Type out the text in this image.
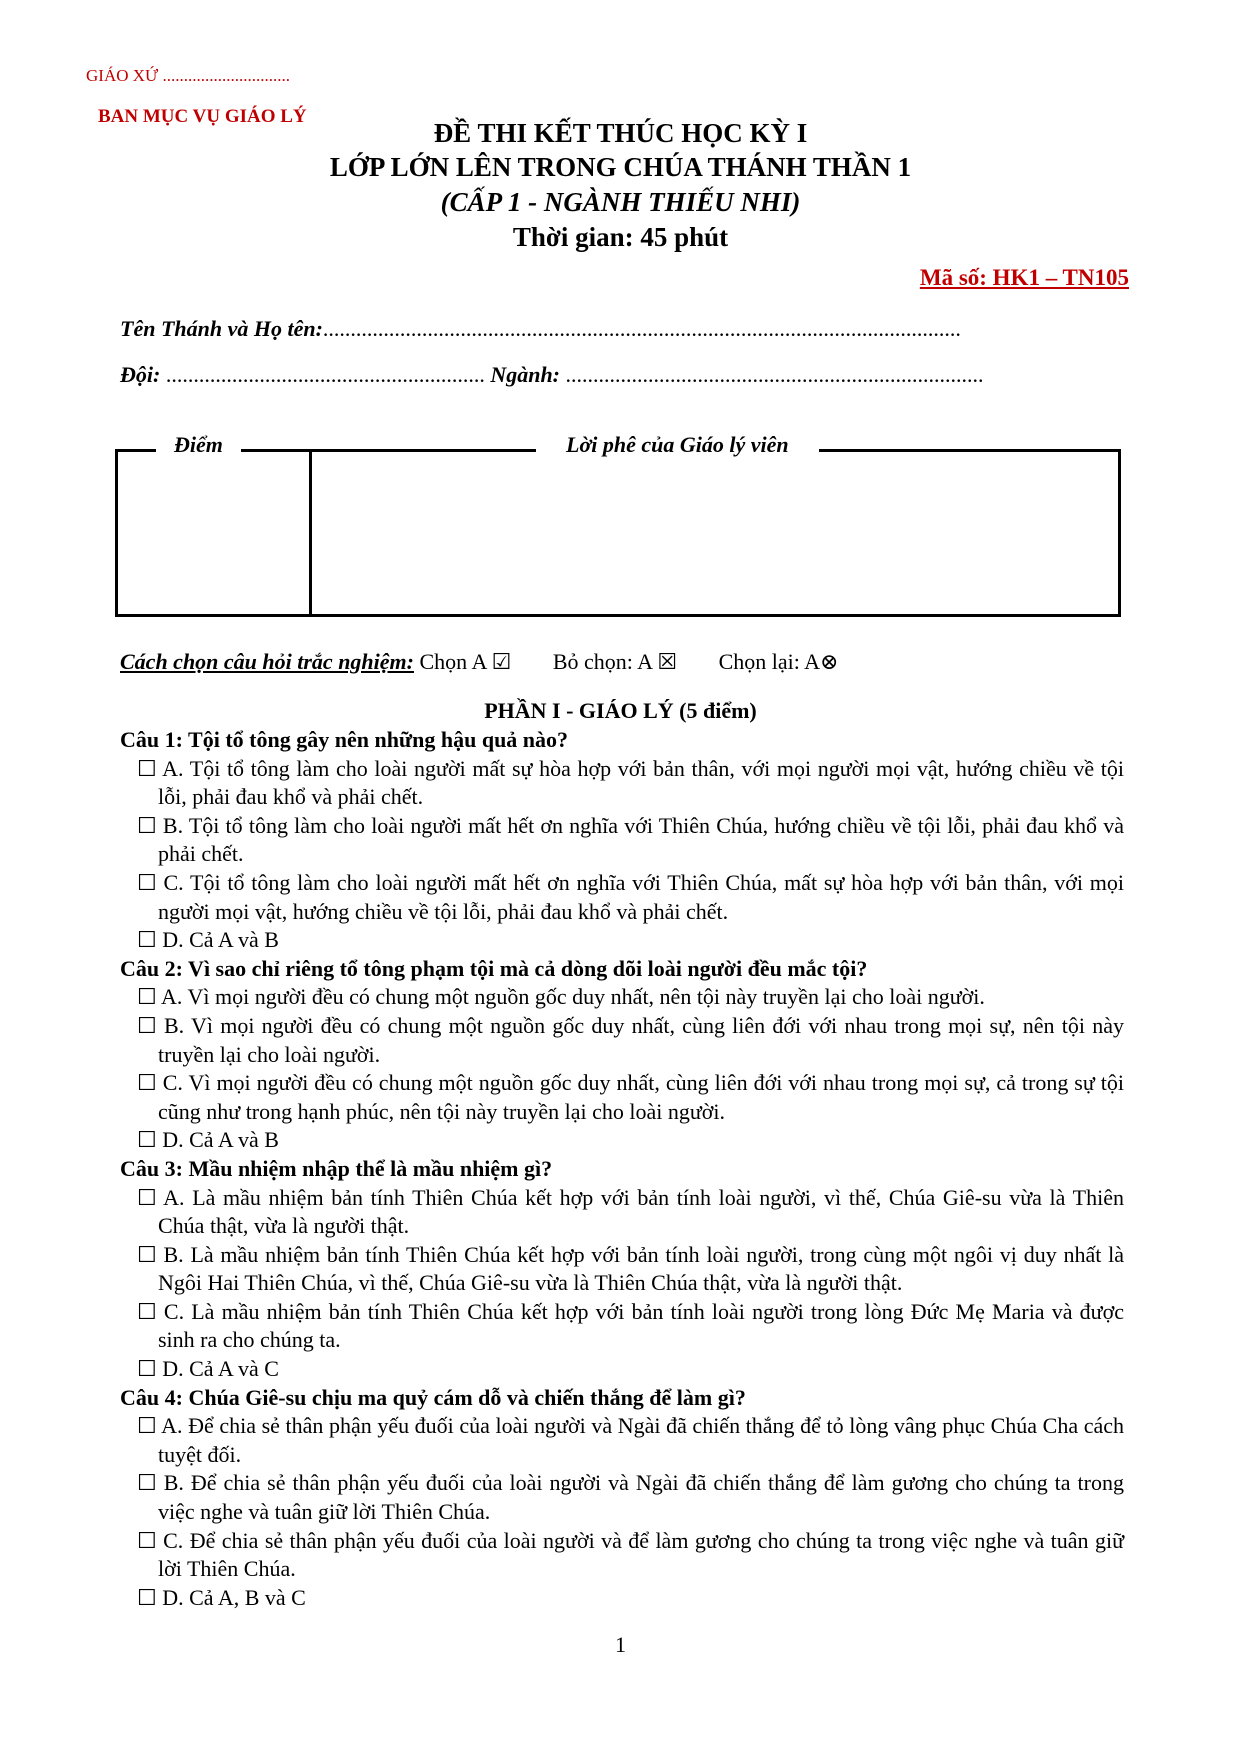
GIÁO XỨ ..............................
BAN MỤC VỤ GIÁO LÝ
ĐỀ THI KẾT THÚC HỌC KỲ I
LỚP LỚN LÊN TRONG CHÚA THÁNH THẦN 1
(CẤP 1 - NGÀNH THIẾU NHI)
Thời gian: 45 phút
Mã số: HK1 – TN105
Tên Thánh và Họ tên:....................................................................................................................
Đội: .......................................................... Ngành: ............................................................................
Điểm	Lời phê của Giáo lý viên
Cách chọn câu hỏi trắc nghiệm: Chọn A ☑ Bỏ chọn: A ☒ Chọn lại: A⊗
PHẦN I - GIÁO LÝ (5 điểm)
Câu 1: Tội tổ tông gây nên những hậu quả nào?
☐ A. Tội tổ tông làm cho loài người mất sự hòa hợp với bản thân, với mọi người mọi vật, hướng chiều về tội lỗi, phải đau khổ và phải chết.
☐ B. Tội tổ tông làm cho loài người mất hết ơn nghĩa với Thiên Chúa, hướng chiều về tội lỗi, phải đau khổ và phải chết.
☐ C. Tội tổ tông làm cho loài người mất hết ơn nghĩa với Thiên Chúa, mất sự hòa hợp với bản thân, với mọi người mọi vật, hướng chiều về tội lỗi, phải đau khổ và phải chết.
☐ D. Cả A và B
Câu 2: Vì sao chỉ riêng tổ tông phạm tội mà cả dòng dõi loài người đều mắc tội?
☐ A. Vì mọi người đều có chung một nguồn gốc duy nhất, nên tội này truyền lại cho loài người.
☐ B. Vì mọi người đều có chung một nguồn gốc duy nhất, cùng liên đới với nhau trong mọi sự, nên tội này truyền lại cho loài người.
☐ C. Vì mọi người đều có chung một nguồn gốc duy nhất, cùng liên đới với nhau trong mọi sự, cả trong sự tội cũng như trong hạnh phúc, nên tội này truyền lại cho loài người.
☐ D. Cả A và B
Câu 3: Mầu nhiệm nhập thể là mầu nhiệm gì?
☐ A. Là mầu nhiệm bản tính Thiên Chúa kết hợp với bản tính loài người, vì thế, Chúa Giê-su vừa là Thiên Chúa thật, vừa là người thật.
☐ B. Là mầu nhiệm bản tính Thiên Chúa kết hợp với bản tính loài người, trong cùng một ngôi vị duy nhất là Ngôi Hai Thiên Chúa, vì thế, Chúa Giê-su vừa là Thiên Chúa thật, vừa là người thật.
☐ C. Là mầu nhiệm bản tính Thiên Chúa kết hợp với bản tính loài người trong lòng Đức Mẹ Maria và được sinh ra cho chúng ta.
☐ D. Cả A và C
Câu 4: Chúa Giê-su chịu ma quỷ cám dỗ và chiến thắng để làm gì?
☐ A. Để chia sẻ thân phận yếu đuối của loài người và Ngài đã chiến thắng để tỏ lòng vâng phục Chúa Cha cách tuyệt đối.
☐ B. Để chia sẻ thân phận yếu đuối của loài người và Ngài đã chiến thắng để làm gương cho chúng ta trong việc nghe và tuân giữ lời Thiên Chúa.
☐ C. Để chia sẻ thân phận yếu đuối của loài người và để làm gương cho chúng ta trong việc nghe và tuân giữ lời Thiên Chúa.
☐ D. Cả A, B và C
1
